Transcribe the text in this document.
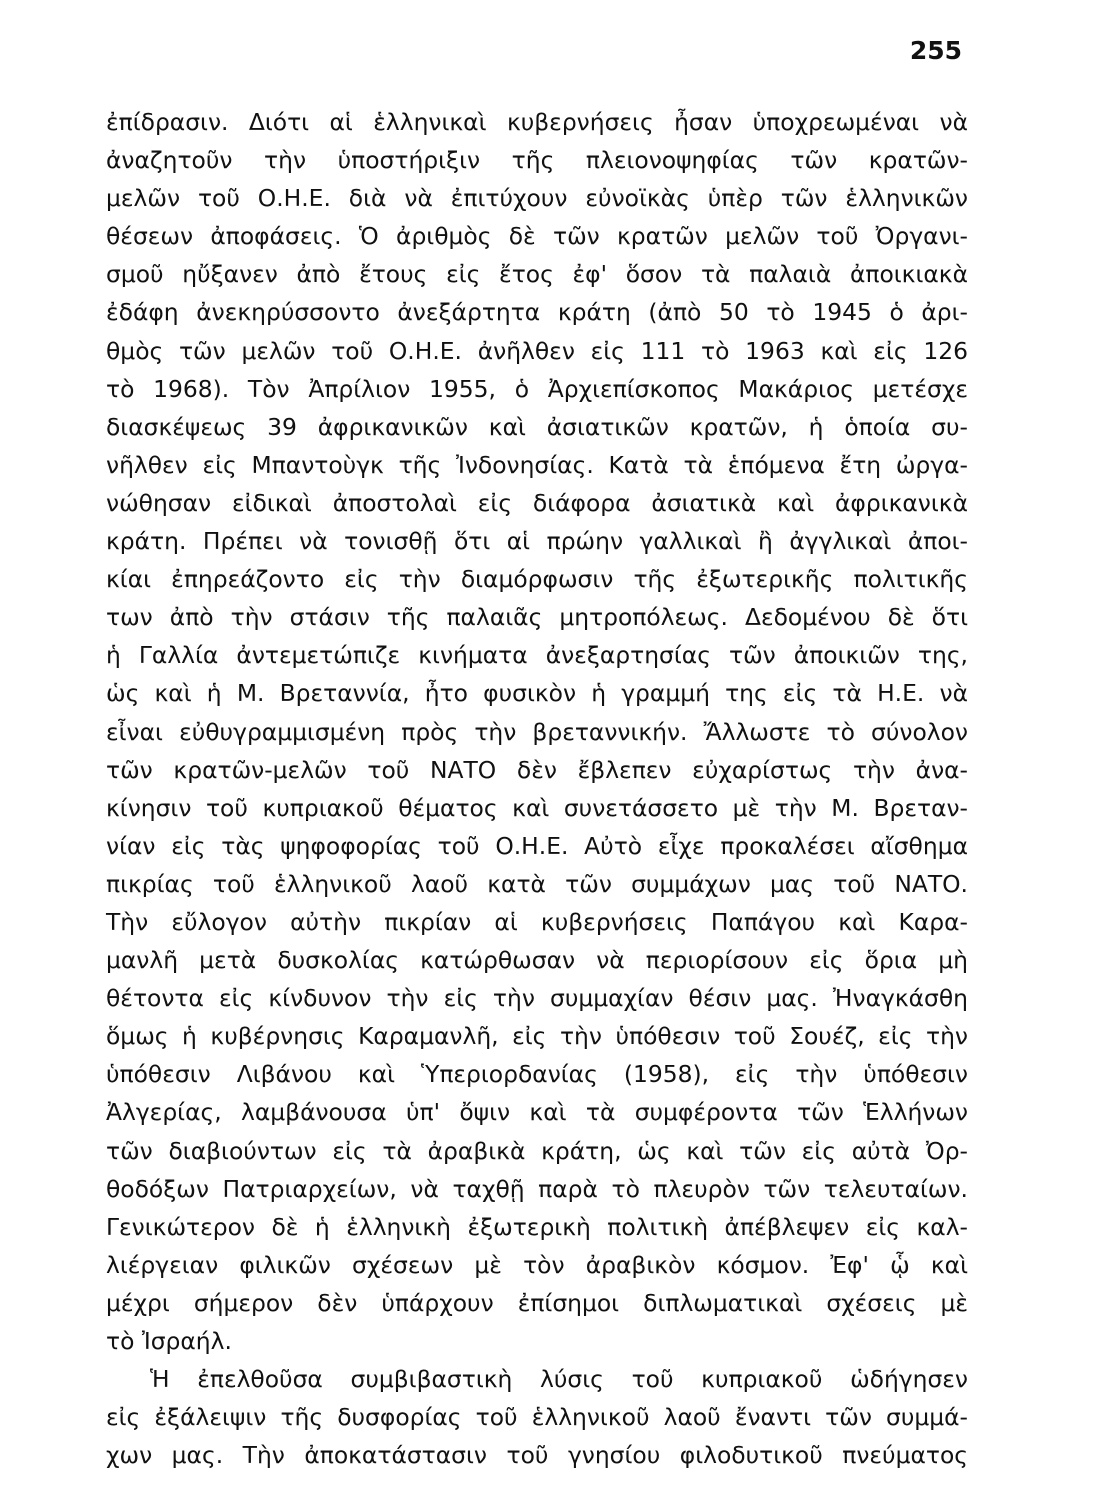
255
ἐπίδρασιν. Διότι αἱ ἑλληνικαὶ κυβερνήσεις ἦσαν ὑποχρεωμέναι νὰ
ἀναζητοῦν τὴν ὑποστήριξιν τῆς πλειονοψηφίας τῶν κρατῶν-
μελῶν τοῦ Ο.Η.Ε. διὰ νὰ ἐπιτύχουν εὐνοϊκὰς ὑπὲρ τῶν ἑλληνικῶν
θέσεων ἀποφάσεις. Ὁ ἀριθμὸς δὲ τῶν κρατῶν μελῶν τοῦ Ὀργανι-
σμοῦ ηὔξανεν ἀπὸ ἔτους εἰς ἔτος ἐφ' ὅσον τὰ παλαιὰ ἀποικιακὰ
ἐδάφη ἀνεκηρύσσοντο ἀνεξάρτητα κράτη (ἀπὸ 50 τὸ 1945 ὁ ἀρι-
θμὸς τῶν μελῶν τοῦ Ο.Η.Ε. ἀνῆλθεν εἰς 111 τὸ 1963 καὶ εἰς 126
τὸ 1968). Τὸν Ἀπρίλιον 1955, ὁ Ἀρχιεπίσκοπος Μακάριος μετέσχε
διασκέψεως 39 ἀφρικανικῶν καὶ ἀσιατικῶν κρατῶν, ἡ ὁποία συ-
νῆλθεν εἰς Μπαντοὺγκ τῆς Ἰνδονησίας. Κατὰ τὰ ἑπόμενα ἔτη ὠργα-
νώθησαν εἰδικαὶ ἀποστολαὶ εἰς διάφορα ἀσιατικὰ καὶ ἀφρικανικὰ
κράτη. Πρέπει νὰ τονισθῇ ὅτι αἱ πρώην γαλλικαὶ ἢ ἀγγλικαὶ ἀποι-
κίαι ἐπηρεάζοντο εἰς τὴν διαμόρφωσιν τῆς ἐξωτερικῆς πολιτικῆς
των ἀπὸ τὴν στάσιν τῆς παλαιᾶς μητροπόλεως. Δεδομένου δὲ ὅτι
ἡ Γαλλία ἀντεμετώπιζε κινήματα ἀνεξαρτησίας τῶν ἀποικιῶν της,
ὡς καὶ ἡ Μ. Βρεταννία, ἦτο φυσικὸν ἡ γραμμή της εἰς τὰ Η.Ε. νὰ
εἶναι εὐθυγραμμισμένη πρὸς τὴν βρεταννικήν. Ἄλλωστε τὸ σύνολον
τῶν κρατῶν-μελῶν τοῦ ΝΑΤΟ δὲν ἔβλεπεν εὐχαρίστως τὴν ἀνα-
κίνησιν τοῦ κυπριακοῦ θέματος καὶ συνετάσσετο μὲ τὴν Μ. Βρεταν-
νίαν εἰς τὰς ψηφοφορίας τοῦ Ο.Η.Ε. Αὐτὸ εἶχε προκαλέσει αἴσθημα
πικρίας τοῦ ἑλληνικοῦ λαοῦ κατὰ τῶν συμμάχων μας τοῦ ΝΑΤΟ.
Τὴν εὔλογον αὐτὴν πικρίαν αἱ κυβερνήσεις Παπάγου καὶ Καρα-
μανλῆ μετὰ δυσκολίας κατώρθωσαν νὰ περιορίσουν εἰς ὅρια μὴ
θέτοντα εἰς κίνδυνον τὴν εἰς τὴν συμμαχίαν θέσιν μας. Ἠναγκάσθη
ὅμως ἡ κυβέρνησις Καραμανλῆ, εἰς τὴν ὑπόθεσιν τοῦ Σουέζ, εἰς τὴν
ὑπόθεσιν Λιβάνου καὶ Ὑπεριορδανίας (1958), εἰς τὴν ὑπόθεσιν
Ἀλγερίας, λαμβάνουσα ὑπ' ὄψιν καὶ τὰ συμφέροντα τῶν Ἑλλήνων
τῶν διαβιούντων εἰς τὰ ἀραβικὰ κράτη, ὡς καὶ τῶν εἰς αὐτὰ Ὀρ-
θοδόξων Πατριαρχείων, νὰ ταχθῇ παρὰ τὸ πλευρὸν τῶν τελευταίων.
Γενικώτερον δὲ ἡ ἑλληνικὴ ἐξωτερικὴ πολιτικὴ ἀπέβλεψεν εἰς καλ-
λιέργειαν φιλικῶν σχέσεων μὲ τὸν ἀραβικὸν κόσμον. Ἐφ' ᾧ καὶ
μέχρι σήμερον δὲν ὑπάρχουν ἐπίσημοι διπλωματικαὶ σχέσεις μὲ
τὸ Ἰσραήλ.
Ἡ ἐπελθοῦσα συμβιβαστικὴ λύσις τοῦ κυπριακοῦ ὡδήγησεν
εἰς ἐξάλειψιν τῆς δυσφορίας τοῦ ἑλληνικοῦ λαοῦ ἔναντι τῶν συμμά-
χων μας. Τὴν ἀποκατάστασιν τοῦ γνησίου φιλοδυτικοῦ πνεύματος
